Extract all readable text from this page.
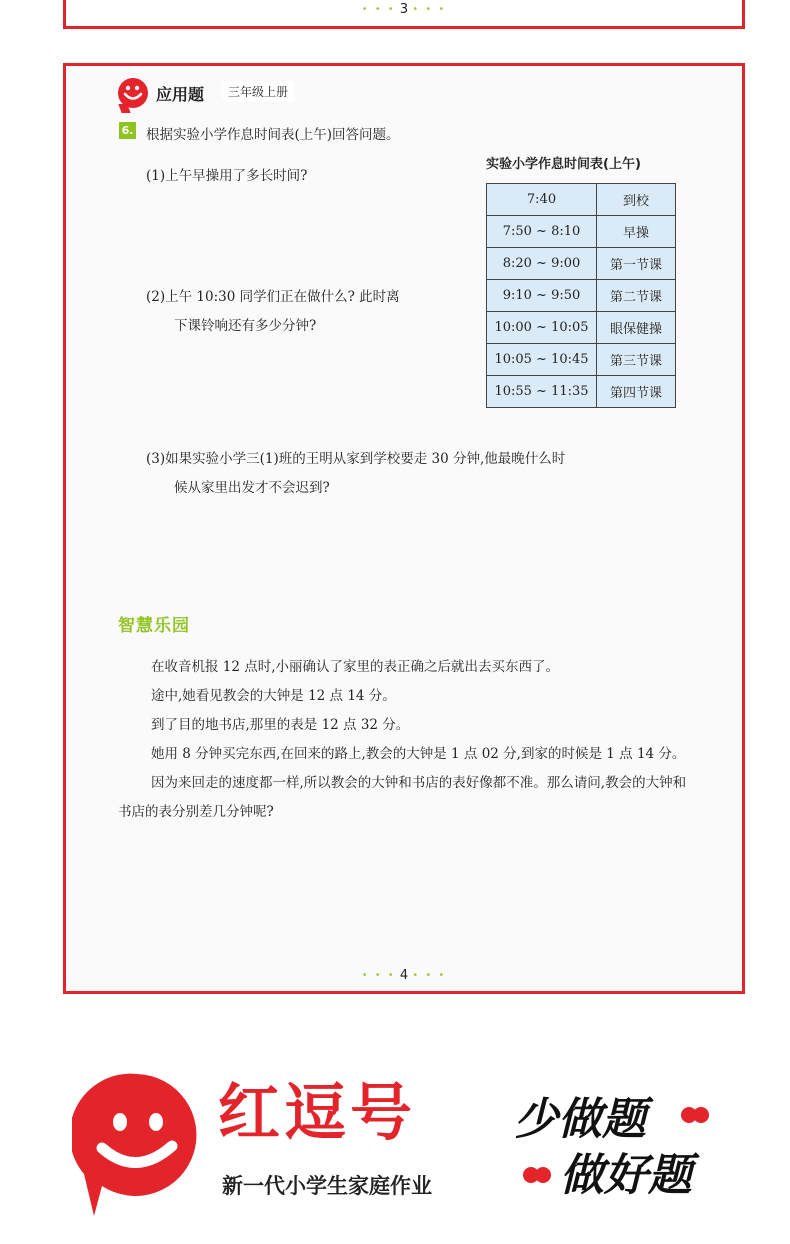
• • • 3 • • •
应用题	三年级上册
6. 根据实验小学作息时间表(上午)回答问题。
(1)上午早操用了多长时间?
(2)上午 10:30 同学们正在做什么? 此时离
下课铃响还有多少分钟?
实验小学作息时间表(上午)
7:40	到校
7:50 ~ 8:10	早操
8:20 ~ 9:00	第一节课
9:10 ~ 9:50	第二节课
10:00 ~ 10:05	眼保健操
10:05 ~ 10:45	第三节课
10:55 ~ 11:35	第四节课
(3)如果实验小学三(1)班的王明从家到学校要走 30 分钟,他最晚什么时
候从家里出发才不会迟到?
智慧乐园

在收音机报 12 点时,小丽确认了家里的表正确之后就出去买东西了。

途中,她看见教会的大钟是 12 点 14 分。

到了目的地书店,那里的表是 12 点 32 分。

她用 8 分钟买完东西,在回来的路上,教会的大钟是 1 点 02 分,到家的时候是 1 点 14 分。

因为来回走的速度都一样,所以教会的大钟和书店的表好像都不准。那么请问,教会的大钟和书店的表分别差几分钟呢?

• • • 4 • • •
红逗号
新一代小学生家庭作业
少做题
做好题
